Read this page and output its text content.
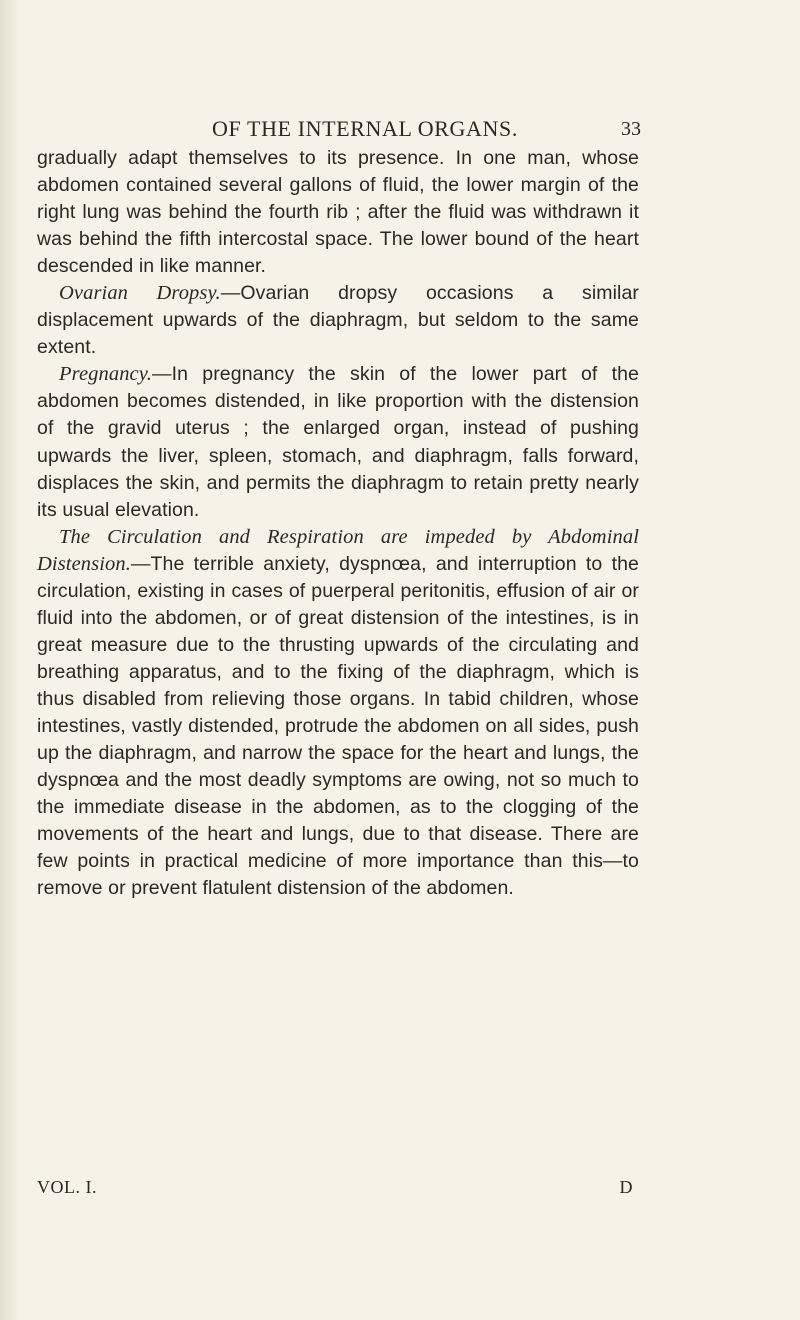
OF THE INTERNAL ORGANS.	33

gradually adapt themselves to its presence. In one man, whose abdomen contained several gallons of fluid, the lower margin of the right lung was behind the fourth rib ; after the fluid was withdrawn it was behind the fifth intercostal space. The lower bound of the heart descended in like manner.

Ovarian Dropsy.—Ovarian dropsy occasions a similar displacement upwards of the diaphragm, but seldom to the same extent.

Pregnancy.—In pregnancy the skin of the lower part of the abdomen becomes distended, in like proportion with the distension of the gravid uterus ; the enlarged organ, instead of pushing upwards the liver, spleen, stomach, and diaphragm, falls forward, displaces the skin, and permits the diaphragm to retain pretty nearly its usual elevation.

The Circulation and Respiration are impeded by Abdominal Distension.—The terrible anxiety, dyspnœa, and interruption to the circulation, existing in cases of puerperal peritonitis, effusion of air or fluid into the abdomen, or of great distension of the intestines, is in great measure due to the thrusting upwards of the circulating and breathing apparatus, and to the fixing of the diaphragm, which is thus disabled from relieving those organs. In tabid children, whose intestines, vastly distended, protrude the abdomen on all sides, push up the diaphragm, and narrow the space for the heart and lungs, the dyspnœa and the most deadly symptoms are owing, not so much to the immediate disease in the abdomen, as to the clogging of the movements of the heart and lungs, due to that disease. There are few points in practical medicine of more importance than this—to remove or prevent flatulent distension of the abdomen.

VOL. I.	D
